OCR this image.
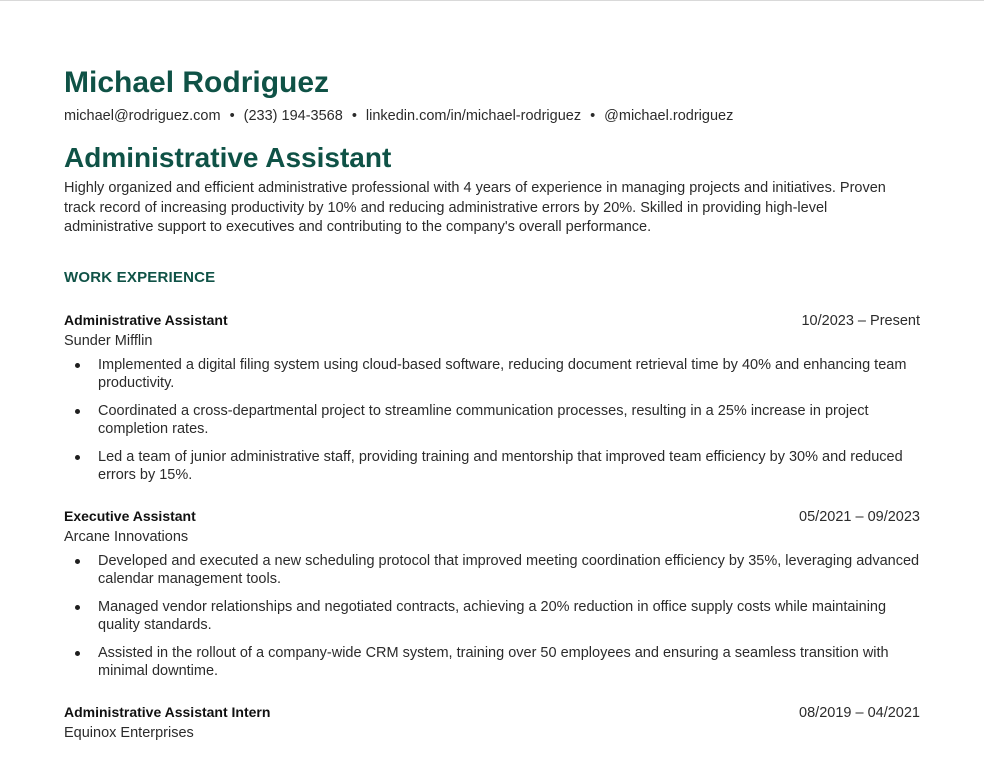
Michael Rodriguez
michael@rodriguez.com • (233) 194-3568 • linkedin.com/in/michael-rodriguez • @michael.rodriguez
Administrative Assistant
Highly organized and efficient administrative professional with 4 years of experience in managing projects and initiatives. Proven track record of increasing productivity by 10% and reducing administrative errors by 20%. Skilled in providing high-level administrative support to executives and contributing to the company's overall performance.
WORK EXPERIENCE
Administrative Assistant	10/2023 – Present
Sunder Mifflin
Implemented a digital filing system using cloud-based software, reducing document retrieval time by 40% and enhancing team productivity.
Coordinated a cross-departmental project to streamline communication processes, resulting in a 25% increase in project completion rates.
Led a team of junior administrative staff, providing training and mentorship that improved team efficiency by 30% and reduced errors by 15%.
Executive Assistant	05/2021 – 09/2023
Arcane Innovations
Developed and executed a new scheduling protocol that improved meeting coordination efficiency by 35%, leveraging advanced calendar management tools.
Managed vendor relationships and negotiated contracts, achieving a 20% reduction in office supply costs while maintaining quality standards.
Assisted in the rollout of a company-wide CRM system, training over 50 employees and ensuring a seamless transition with minimal downtime.
Administrative Assistant Intern	08/2019 – 04/2021
Equinox Enterprises
